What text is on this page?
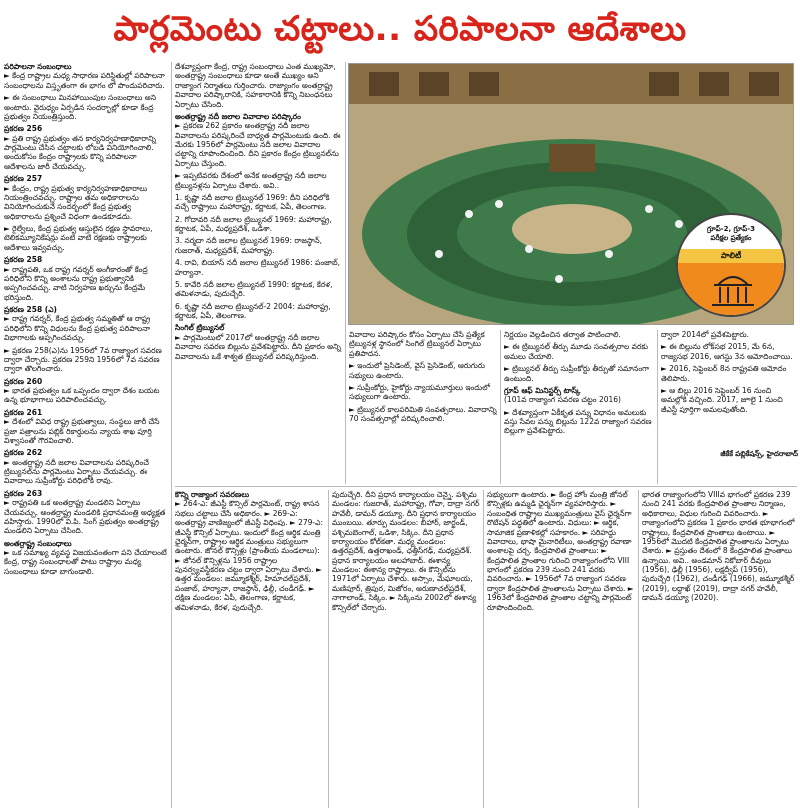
పార్లమెంటు చట్టాలు.. పరిపాలనా ఆదేశాలు
పరిపాలనా సంబంధాలు

► కేంద్ర రాష్ట్రాల మధ్య సాధారణ పరిస్థితుల్లో పరిపాలనా సంబంధాలను విస్తృతంగా ఈ భాగం లో పొందుపరిచారు.

► ఈ సంబంధాలు మినహాయింపుల సంబంధాలు అని అంటారు. వైరుధ్యం ఏర్పడిన సందర్భాల్లో కూడా కేంద్ర ప్రభుత్వం నియంత్రిస్తుంది.

ప్రకరణ 256

► ప్రతి రాష్ట్ర ప్రభుత్వం తన కార్యనిర్వహణాధికారాన్ని పార్లమెంటు చేసిన చట్టాలకు లోబడి వినియోగించాలి. అందుకోసం కేంద్రం రాష్ట్రాలకు కొన్ని పరిపాలనా ఆదేశాలను జారీ చేయవచ్చు.

ప్రకరణ 257

► కేంద్రం, రాష్ట్ర ప్రభుత్వ కార్యనిర్వహణాధికారాలు నియంత్రించవచ్చు. రాష్ట్రాల తమ అధికారాలను వినియోగించుకునే సందర్భంలో కేంద్ర ప్రభుత్వ అధికారాలను ప్రశ్నించే విధంగా ఉండకూడదు.

► రైల్వేలు, కేంద్ర ప్రభుత్వ ఆస్తులైన రక్షణ స్థావరాలు, టెలికమ్యూనికేషన్లు వంటి వాటి రక్షణకు రాష్ట్రాలకు ఆదేశాలు ఇవ్వవచ్చు.

ప్రకరణ 258

► రాష్ట్రపతి, ఒక రాష్ట్ర గవర్నర్‌ అంగీకారంతో కేంద్ర పరిధిలోని కొన్ని అంశాలను రాష్ట్ర ప్రభుత్వానికి అప్పగించవచ్చు. వాటి నిర్వహణ ఖర్చును కేంద్రమే భరిస్తుంది.

ప్రకరణ 258 (ఎ)

► రాష్ట్ర గవర్నర్‌, కేంద్ర ప్రభుత్వ సమ్మతితో ఆ రాష్ట్ర పరిధిలోని కొన్ని విధులను కేంద్ర ప్రభుత్వ పరిపాలనా విభాగాలకు అప్పగించవచ్చు.

► ప్రకరణ 258(ఎ)ను 1956లో 7వ రాజ్యాంగ సవరణ ద్వారా చేర్చారు. ప్రకరణ 259ని 1956లో 7వ సవరణ ద్వారా తొలగించారు.

ప్రకరణ 260

► భారత ప్రభుత్వం ఒక ఒప్పందం ద్వారా దేశం బయట ఉన్న భూభాగాలు పరిపాలించవచ్చు.

ప్రకరణ 261

► దేశంలో వివిధ రాష్ట్ర ప్రభుత్వాలు, సంస్థలు జారీ చేసే ప్రజా పత్రాలను పబ్లిక్‌ రికార్డులను న్యాయ శాఖ పూర్తి విశ్వాసంతో గౌరవించాలి.

ప్రకరణ 262

► అంతర్రాష్ట్ర నదీ జలాల వివాదాలను పరిష్కరించే ట్రిబ్యునల్‌ను పార్లమెంటు ఏర్పాటు చేయవచ్చు. ఈ వివాదాలు సుప్రీంకోర్టు పరిధిలోకి రావు.

ప్రకరణ 263

► రాష్ట్రపతి ఒక అంతర్రాష్ట్ర మండలిని ఏర్పాటు చేయవచ్చు. అంతర్రాష్ట్ర మండలికి ప్రధానమంత్రి అధ్యక్షత వహిస్తారు. 1990లో వి.పి. సింగ్‌ ప్రభుత్వం అంతర్రాష్ట్ర మండలిని ఏర్పాటు చేసింది.

అంతర్రాష్ట్ర సంబంధాలు

► ఒక సమాఖ్య వ్యవస్థ విజయవంతంగా పని చేయాలంటే కేంద్ర, రాష్ట్ర సంబంధాలతో పాటు రాష్ట్రాల మధ్య సంబంధాలు కూడా బాగుండాలి.

దేశవ్యాప్తంగా కేంద్ర, రాష్ట్ర సంబంధాలు ఎంత ముఖ్యమో, అంతర్రాష్ట్ర సంబంధాలు కూడా అంతే ముఖ్యం అని రాజ్యాంగ నిర్మాతలు గుర్తించారు. రాజ్యాంగం అంతర్రాష్ట్ర వివాదాల పరిష్కారానికి, సహకారానికి కొన్ని నిబంధనలు ఏర్పాటు చేసింది.

అంతర్రాష్ట్ర నదీ జలాల వివాదాల పరిష్కారం

► ప్రకరణ 262 ప్రకారం అంతర్రాష్ట్ర నదీ జలాల వివాదాలను పరిష్కరించే బాధ్యత పార్లమెంటుకు ఉంది. ఈ మేరకు 1956లో పార్లమెంటు నదీ జలాల వివాదాల చట్టాన్ని రూపొందించింది. దీని ప్రకారం కేంద్రం ట్రిబ్యునల్‌ను ఏర్పాటు చేస్తుంది.

► ఇప్పటివరకు దేశంలో అనేక అంతర్రాష్ట్ర నదీ జలాల ట్రిబ్యునళ్లను ఏర్పాటు చేశారు. అవి..

1. కృష్ణా నదీ జలాల ట్రిబ్యునల్‌ 1969: దీని పరిధిలోకి వచ్చే రాష్ట్రాలు మహారాష్ట్ర, కర్ణాటక, ఏపీ, తెలంగాణ.

2. గోదావరి నదీ జలాల ట్రిబ్యునల్‌ 1969: మహారాష్ట్ర, కర్ణాటక, ఏపీ, మధ్యప్రదేశ్‌, ఒడిశా.

3. నర్మదా నదీ జలాల ట్రిబ్యునల్‌ 1969: రాజస్థాన్‌, గుజరాత్‌, మధ్యప్రదేశ్‌, మహారాష్ట్ర.

4. రావి, బియాస్‌ నదీ జలాల ట్రిబ్యునల్‌ 1986: పంజాబ్‌, హర్యానా.

5. కావేరి నదీ జలాల ట్రిబ్యునల్‌ 1990: కర్ణాటక, కేరళ, తమిళనాడు, పుదుచ్చేరి.

6. కృష్ణా నదీ జలాల ట్రిబ్యునల్‌-2 2004: మహారాష్ట్ర, కర్ణాటక, ఏపీ, తెలంగాణ.

సింగిల్‌ ట్రిబ్యునల్‌

► పార్లమెంటులో 2017లో అంతర్రాష్ట్ర నదీ జలాల వివాదాల సవరణ బిల్లును ప్రవేశపెట్టారు. దీని ప్రకారం అన్ని వివాదాలను ఒకే శాశ్వత ట్రిబ్యునల్‌ పరిష్కరిస్తుంది.

గ్రూప్‌-2, గ్రూప్‌-3
పరీక్షల ప్రత్యేకం
పాలిటీ

వివాదాల పరిష్కారం కోసం ఏర్పాటు చేసే ప్రత్యేక ట్రిబ్యునళ్ల స్థానంలో సింగిల్‌ ట్రిబ్యునల్‌ ఏర్పాటు ప్రతిపాదన.

► ఇందులో ప్రెసిడెంట్‌, వైస్‌ ప్రెసిడెంట్‌, ఆరుగురు సభ్యులు ఉంటారు.

► సుప్రీంకోర్టు, హైకోర్టు న్యాయమూర్తులు ఇందులో సభ్యులుగా ఉంటారు.

► ట్రిబ్యునల్‌ కాలపరిమితి సంవత్సరాలు. వివాదాన్ని 70 సంవత్సరాల్లో పరిష్కరించాలి.

నిర్ణయం వెల్లడించిన తర్వాత పాటించాలి.

► ఈ ట్రిబ్యునల్‌ తీర్పు మూడు సంవత్సరాల వరకు అమలు చేయాలి.

► ట్రిబ్యునల్‌ తీర్పు సుప్రీంకోర్టు తీర్పుతో సమానంగా ఉంటుంది.

గ్రూప్‌ ఆఫ్‌ మినిస్టర్స్‌ టాస్క్‌

(101వ రాజ్యాంగ సవరణ చట్టం 2016)

► దేశవ్యాప్తంగా ఏకీకృత పన్ను విధానం అమలుకు వస్తు సేవల పన్ను బిల్లును 122వ రాజ్యాంగ సవరణ బిల్లుగా ప్రవేశపెట్టారు.

ద్వారా 2014లో ప్రవేశపెట్టారు.

► ఈ బిల్లును లోక్‌సభ 2015, మే 6న, రాజ్యసభ 2016, ఆగస్టు 3న ఆమోదించాయి.

► 2016, సెప్టెంబర్‌ 8న రాష్ట్రపతి ఆమోదం తెలిపారు.

► ఆ బిల్లు 2016 సెప్టెంబర్‌ 16 నుంచి అమల్లోకి వచ్చింది. 2017, జూలై 1 నుంచి జీఎస్టీ పూర్తిగా అమలవుతోంది.

జీకేకే పబ్లికేషన్స్‌, హైదరాబాద్‌
కొన్ని రాజ్యాంగ సవరణలు

► 264-ఎ: జీఎస్టీ కౌన్సిల్‌ పార్లమెంట్‌, రాష్ట్ర శాసన సభలు చట్టాలు చేసే అధికారం. ► 269-ఎ: అంతర్రాష్ట్ర వాణిజ్యంలో జీఎస్టీ విధింపు. ► 279-ఎ: జీఎస్టీ కౌన్సిల్‌ ఏర్పాటు. ఇందులో కేంద్ర ఆర్థిక మంత్రి ఛైర్మన్‌గా, రాష్ట్రాల ఆర్థిక మంత్రులు సభ్యులుగా ఉంటారు. జోనల్‌ కౌన్సిళ్లు (ప్రాంతీయ మండలాలు): ► జోనల్‌ కౌన్సిళ్లను 1956 రాష్ట్రాల పునర్వ్యవస్థీకరణ చట్టం ద్వారా ఏర్పాటు చేశారు. ► ఉత్తర మండలం: జమ్మూకశ్మీర్‌, హిమాచల్‌ప్రదేశ్‌, పంజాబ్‌, హర్యానా, రాజస్థాన్‌, ఢిల్లీ, చండీగఢ్‌. ► దక్షిణ మండలం: ఏపీ, తెలంగాణ, కర్ణాటక, తమిళనాడు, కేరళ, పుదుచ్చేరి.

పుదుచ్చేరి. దీని ప్రధాన కార్యాలయం చెన్నై. పశ్చిమ మండలం: గుజరాత్‌, మహారాష్ట్ర, గోవా, దాద్రా నగర్‌ హవేలీ, డామన్‌ డయ్యూ. దీని ప్రధాన కార్యాలయం ముంబయి. తూర్పు మండలం: బీహార్‌, జార్ఖండ్‌, పశ్చిమబెంగాల్‌, ఒడిశా, సిక్కిం. దీని ప్రధాన కార్యాలయం కోల్‌కతా. మధ్య మండలం: ఉత్తరప్రదేశ్‌, ఉత్తరాఖండ్‌, ఛత్తీస్‌గఢ్‌, మధ్యప్రదేశ్‌. ప్రధాన కార్యాలయం అలహాబాద్‌. ఈశాన్య మండలం: ఈశాన్య రాష్ట్రాలు. ఈ కౌన్సిల్‌ను 1971లో ఏర్పాటు చేశారు. అస్సాం, మేఘాలయ, మణిపూర్‌, త్రిపుర, మిజోరం, అరుణాచల్‌ప్రదేశ్‌, నాగాలాండ్‌, సిక్కిం. ► సిక్కింను 2002లో ఈశాన్య కౌన్సిల్‌లో చేర్చారు.

సభ్యులుగా ఉంటారు. ► కేంద్ర హోం మంత్రి జోనల్‌ కౌన్సిళ్లకు ఉమ్మడి ఛైర్మన్‌గా వ్యవహరిస్తారు. ► సంబంధిత రాష్ట్రాల ముఖ్యమంత్రులు వైస్‌ ఛైర్మన్‌గా రొటేషన్‌ పద్ధతిలో ఉంటారు. విధులు: ► ఆర్థిక, సామాజిక ప్రణాళికల్లో సహకారం. ► సరిహద్దు వివాదాలు, భాషా మైనారిటీలు, అంతర్రాష్ట్ర రవాణా అంశాలపై చర్చ. కేంద్రపాలిత ప్రాంతాలు: ► కేంద్రపాలిత ప్రాంతాల గురించి రాజ్యాంగంలోని VIII భాగంలో ప్రకరణ 239 నుంచి 241 వరకు వివరించారు. ► 1956లో 7వ రాజ్యాంగ సవరణ ద్వారా కేంద్రపాలిత ప్రాంతాలను ఏర్పాటు చేశారు. ► 1963లో కేంద్రపాలిత ప్రాంతాల చట్టాన్ని పార్లమెంట్‌ రూపొందించింది.

భారత రాజ్యాంగంలోని VIIIవ భాగంలో ప్రకరణ 239 నుంచి 241 వరకు కేంద్రపాలిత ప్రాంతాల నిర్మాణం, అధికారాలు, విధుల గురించి వివరించారు. ► రాజ్యాంగంలోని ప్రకరణ 1 ప్రకారం భారత భూభాగంలో రాష్ట్రాలు, కేంద్రపాలిత ప్రాంతాలు ఉంటాయి. ► 1956లో మొదటి కేంద్రపాలిత ప్రాంతాలను ఏర్పాటు చేశారు. ► ప్రస్తుతం దేశంలో 8 కేంద్రపాలిత ప్రాంతాలు ఉన్నాయి. అవి.. అండమాన్‌ నికోబార్‌ దీవులు (1956), ఢిల్లీ (1956), లక్షద్వీప్‌ (1956), పుదుచ్చేరి (1962), చండీగఢ్‌ (1966), జమ్మూకశ్మీర్‌ (2019), లద్దాఖ్‌ (2019), దాద్రా నగర్‌ హవేలీ, డామన్‌ డయ్యూ (2020).
